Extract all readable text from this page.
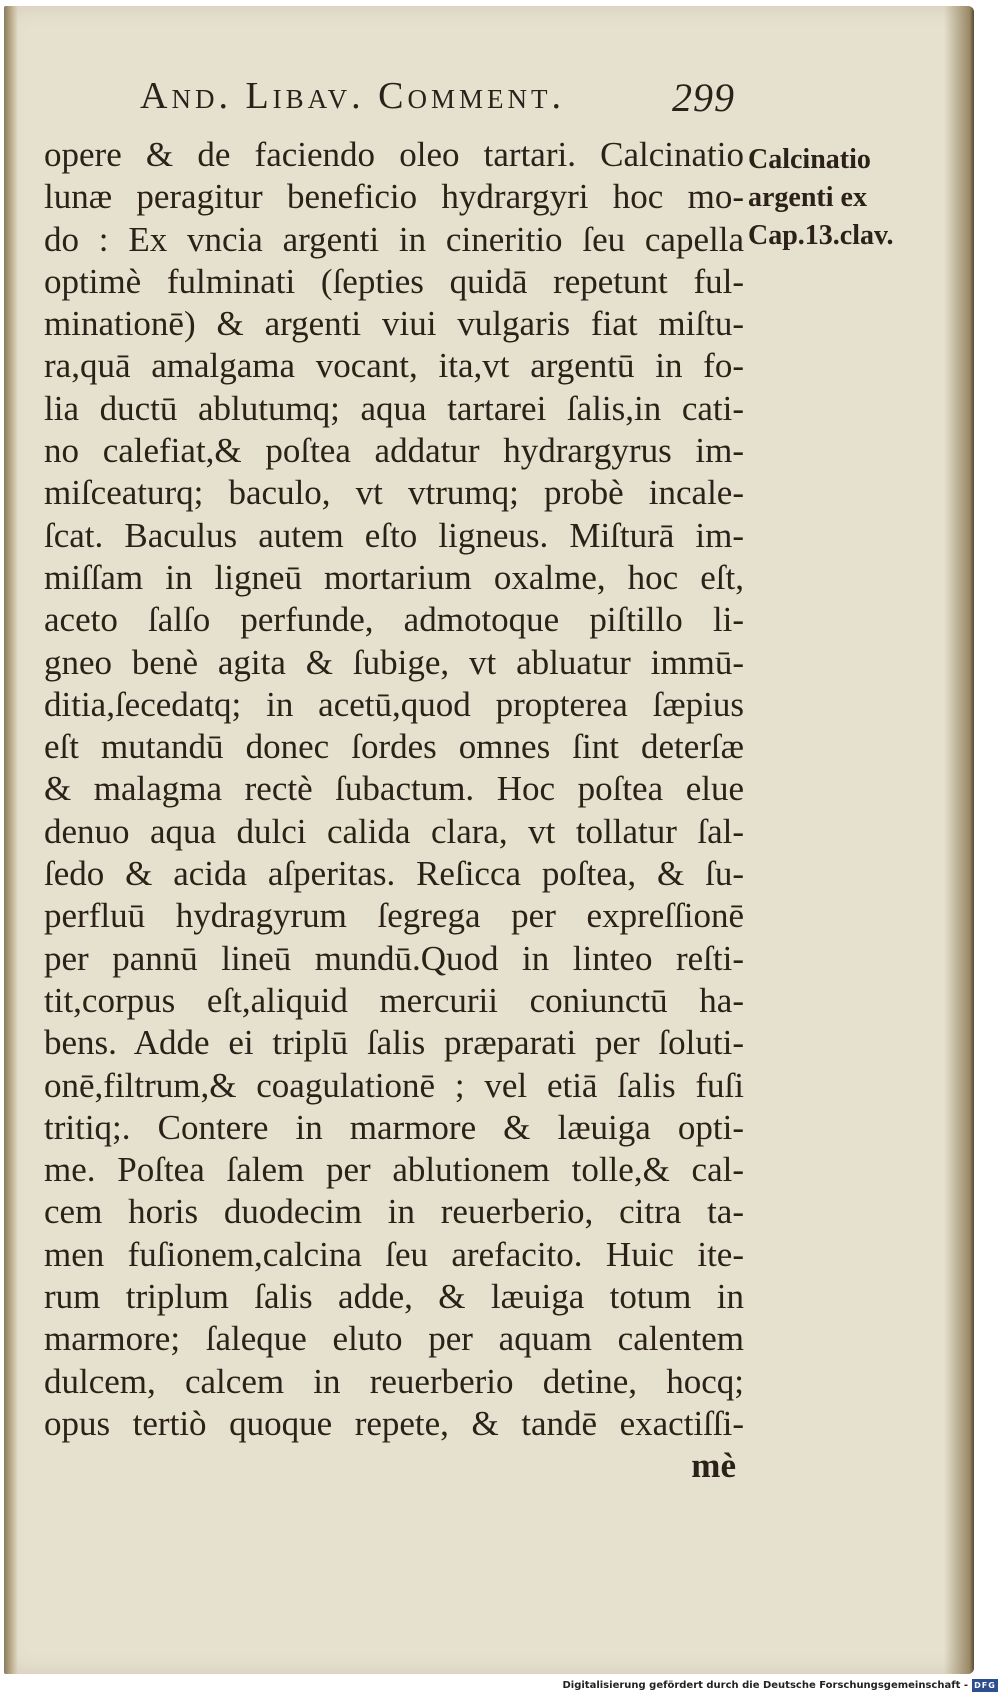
And. Libav. Comment.	299
opere & de faciendo oleo tartari. Calcinatio
lunæ peragitur beneficio hydrargyri hoc mo-
do : Ex vncia argenti in cineritio ſeu capella
optimè fulminati (ſepties quidā repetunt ful-
minationē) & argenti viui vulgaris fiat miſtu-
ra,quā amalgama vocant, ita,vt argentū in fo-
lia ductū ablutumq; aqua tartarei ſalis,in cati-
no calefiat,& poſtea addatur hydrargyrus im-
miſceaturq; baculo, vt vtrumq; probè incale-
ſcat. Baculus autem eſto ligneus. Miſturā im-
miſſam in ligneū mortarium oxalme, hoc eſt,
aceto ſalſo perfunde, admotoque piſtillo li-
gneo benè agita & ſubige, vt abluatur immū-
ditia,ſecedatq; in acetū,quod propterea ſæpius
eſt mutandū donec ſordes omnes ſint deterſæ
& malagma rectè ſubactum. Hoc poſtea elue
denuo aqua dulci calida clara, vt tollatur ſal-
ſedo & acida aſperitas. Reſicca poſtea, & ſu-
perfluū hydragyrum ſegrega per expreſſionē
per pannū lineū mundū.Quod in linteo reſti-
tit,corpus eſt,aliquid mercurii coniunctū ha-
bens. Adde ei triplū ſalis præparati per ſoluti-
onē,filtrum,& coagulationē ; vel etiā ſalis fuſi
tritiq;. Contere in marmore & læuiga opti-
me. Poſtea ſalem per ablutionem tolle,& cal-
cem horis duodecim in reuerberio, citra ta-
men fuſionem,calcina ſeu arefacito. Huic ite-
rum triplum ſalis adde, & læuiga totum in
marmore; ſaleque eluto per aquam calentem
dulcem, calcem in reuerberio detine, hocq;
opus tertiò quoque repete, & tandē exactiſſi-
mè
Calcinatio
argenti ex
Cap.13.clav.
Digitalisierung gefördert durch die Deutsche Forschungsgemeinschaft - DFG
